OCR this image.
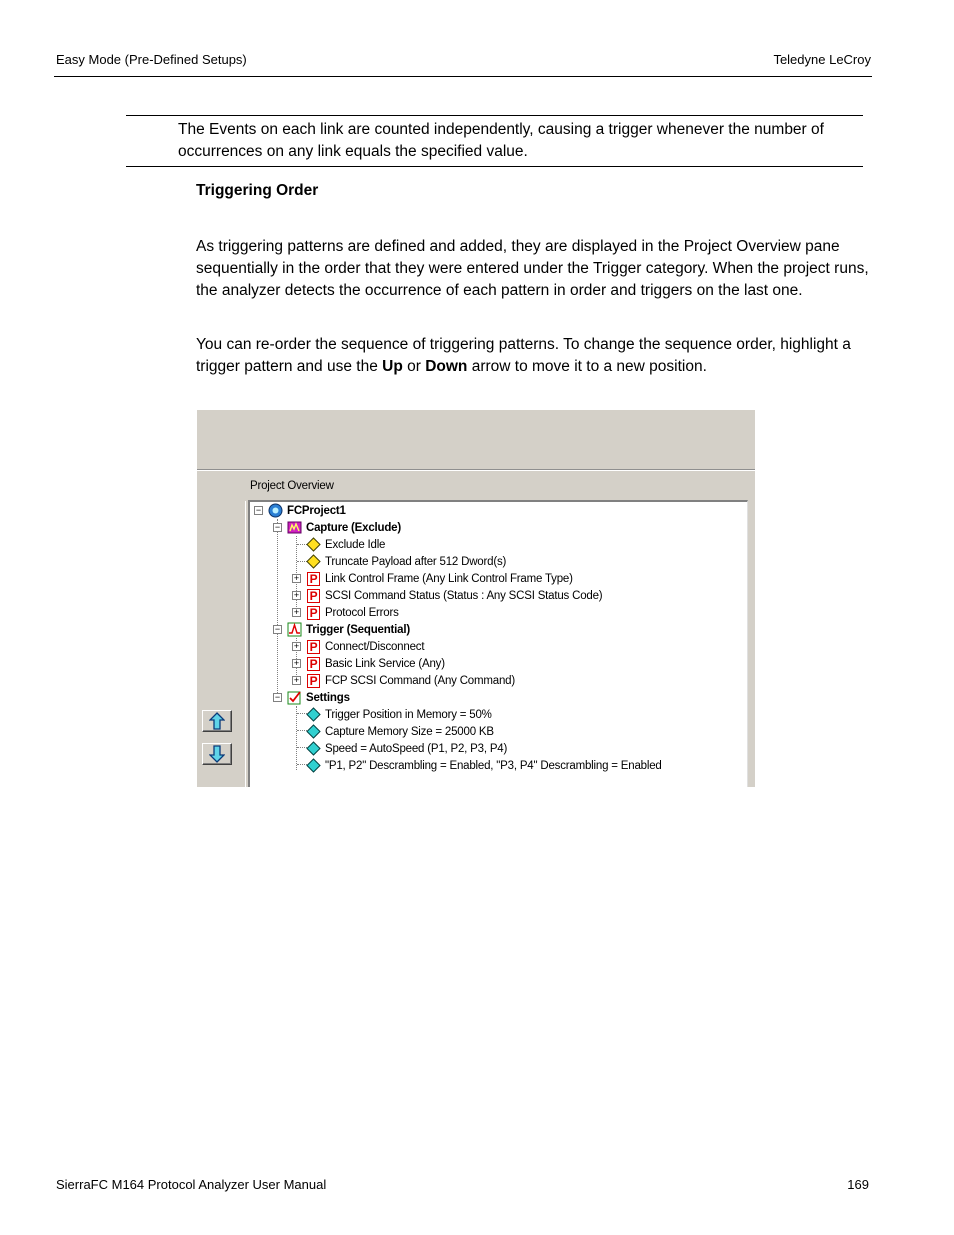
Easy Mode (Pre-Defined Setups)	Teledyne LeCroy
The Events on each link are counted independently, causing a trigger whenever the number of occurrences on any link equals the specified value.
Triggering Order

As triggering patterns are defined and added, they are displayed in the Project Overview pane sequentially in the order that they were entered under the Trigger category. When the project runs, the analyzer detects the occurrence of each pattern in order and triggers on the last one.

You can re-order the sequence of triggering patterns. To change the sequence order, highlight a trigger pattern and use the Up or Down arrow to move it to a new position.

Project Overview
−
−
+
+
+
−
+
+
+
−
FCProject1
Capture (Exclude)
Exclude Idle
Truncate Payload after 512 Dword(s)
P Link Control Frame (Any Link Control Frame Type)
P SCSI Command Status (Status : Any SCSI Status Code)
P Protocol Errors
Trigger (Sequential)
P Connect/Disconnect
P Basic Link Service (Any)
P FCP SCSI Command (Any Command)
Settings
Trigger Position in Memory = 50%
Capture Memory Size = 25000 KB
Speed = AutoSpeed (P1, P2, P3, P4)
"P1, P2" Descrambling = Enabled, "P3, P4" Descrambling = Enabled
SierraFC M164 Protocol Analyzer User Manual	169
